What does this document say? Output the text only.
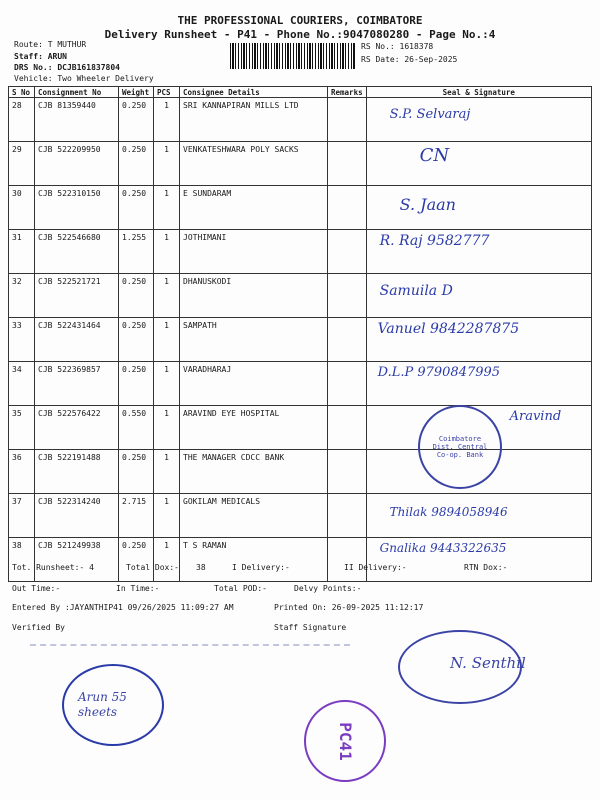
THE PROFESSIONAL COURIERS, COIMBATORE
Delivery Runsheet - P41 - Phone No.:9047080280 - Page No.:4
Route: T MUTHUR
Staff: ARUN
DRS No.: DCJB161837804
Vehicle: Two Wheeler Delivery
RS No.: 1618378
RS Date: 26-Sep-2025
S No	Consignment No	Weight	PCS	Consignee Details	Remarks	Seal & Signature
28	CJB 81359440	0.250	1	SRI KANNAPIRAN MILLS LTD		S.P. Selvaraj
29	CJB 522209950	0.250	1	VENKATESHWARA POLY SACKS		CN
30	CJB 522310150	0.250	1	E SUNDARAM		S. Jaan
31	CJB 522546680	1.255	1	JOTHIMANI		R. Raj 9582777
32	CJB 522521721	0.250	1	DHANUSKODI		Samuila D
33	CJB 522431464	0.250	1	SAMPATH		Vanuel 9842287875
34	CJB 522369857	0.250	1	VARADHARAJ		D.L.P 9790847995
35	CJB 522576422	0.550	1	ARAVIND EYE HOSPITAL		Aravind
36	CJB 522191488	0.250	1	THE MANAGER CDCC BANK		
37	CJB 522314240	2.715	1	GOKILAM MEDICALS		Thilak 9894058946
38	CJB 521249938	0.250	1	T S RAMAN		Gnalika 9443322635
Coimbatore Dist. Central Co-op. Bank
Tot. Runsheet:- 4	Total Dox:- 38	I Delivery:-	II Delivery:-	RTN Dox:-
Out Time:-	In Time:-	Total POD:-	Delvy Points:-
Entered By :JAYANTHIP41 09/26/2025 11:09:27 AM	Printed On: 26-09-2025 11:12:17
Verified By	Staff Signature
N. Senthil
Arun 55 sheets
PC41
